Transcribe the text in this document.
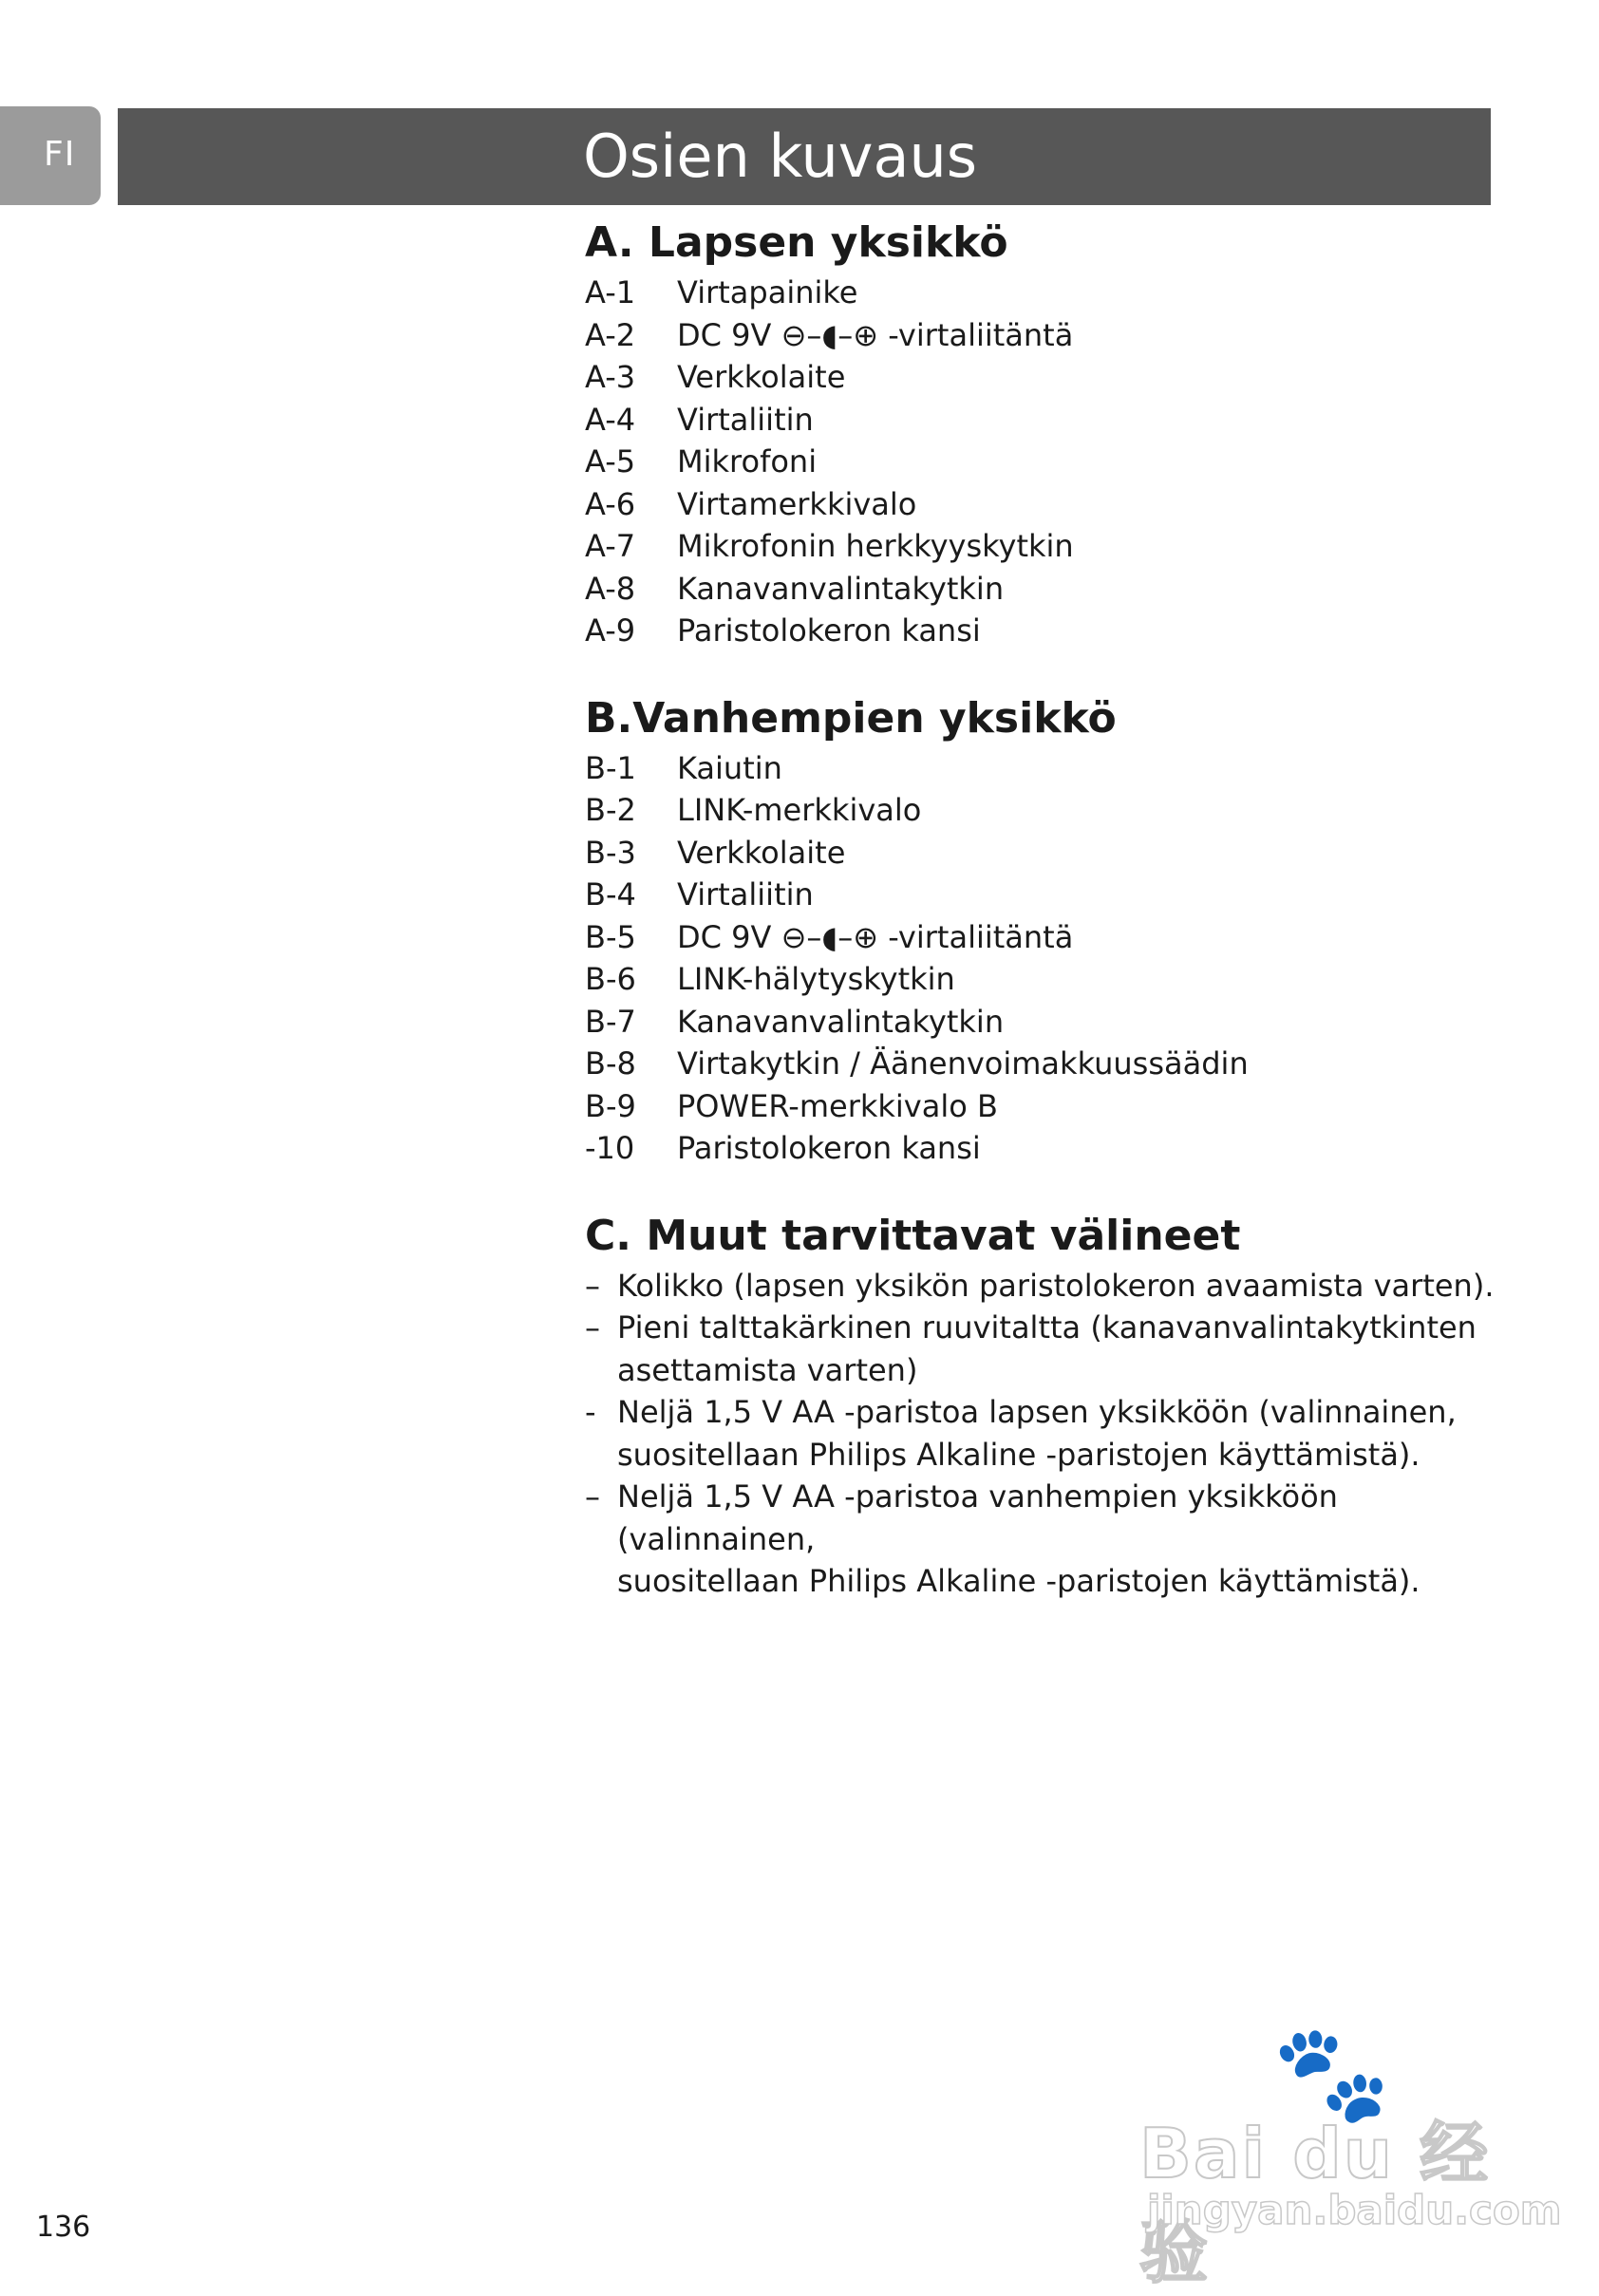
FI	Osien kuvaus
A. Lapsen yksikkö
A-1 Virtapainike
A-2 DC 9V ⊖–◖–⊕ -virtaliitäntä
A-3 Verkkolaite
A-4 Virtaliitin
A-5 Mikrofoni
A-6 Virtamerkkivalo
A-7 Mikrofonin herkkyyskytkin
A-8 Kanavanvalintakytkin
A-9 Paristolokeron kansi
B.Vanhempien yksikkö
B-1 Kaiutin
B-2 LINK-merkkivalo
B-3 Verkkolaite
B-4 Virtaliitin
B-5 DC 9V ⊖–◖–⊕ -virtaliitäntä
B-6 LINK-hälytyskytkin
B-7 Kanavanvalintakytkin
B-8 Virtakytkin / Äänenvoimakkuussäädin
B-9 POWER-merkkivalo B
-10 Paristolokeron kansi
C. Muut tarvittavat välineet
– Kolikko (lapsen yksikön paristolokeron avaamista varten).
– Pieni talttakärkinen ruuvitaltta (kanavanvalintakytkinten
asettamista varten)
- Neljä 1,5 V AA -paristoa lapsen yksikköön (valinnainen,
suositellaan Philips Alkaline -paristojen käyttämistä).
– Neljä 1,5 V AA -paristoa vanhempien yksikköön (valinnainen,
suositellaan Philips Alkaline -paristojen käyttämistä).
136
🐾
Bai du 经验
jingyan.baidu.com
